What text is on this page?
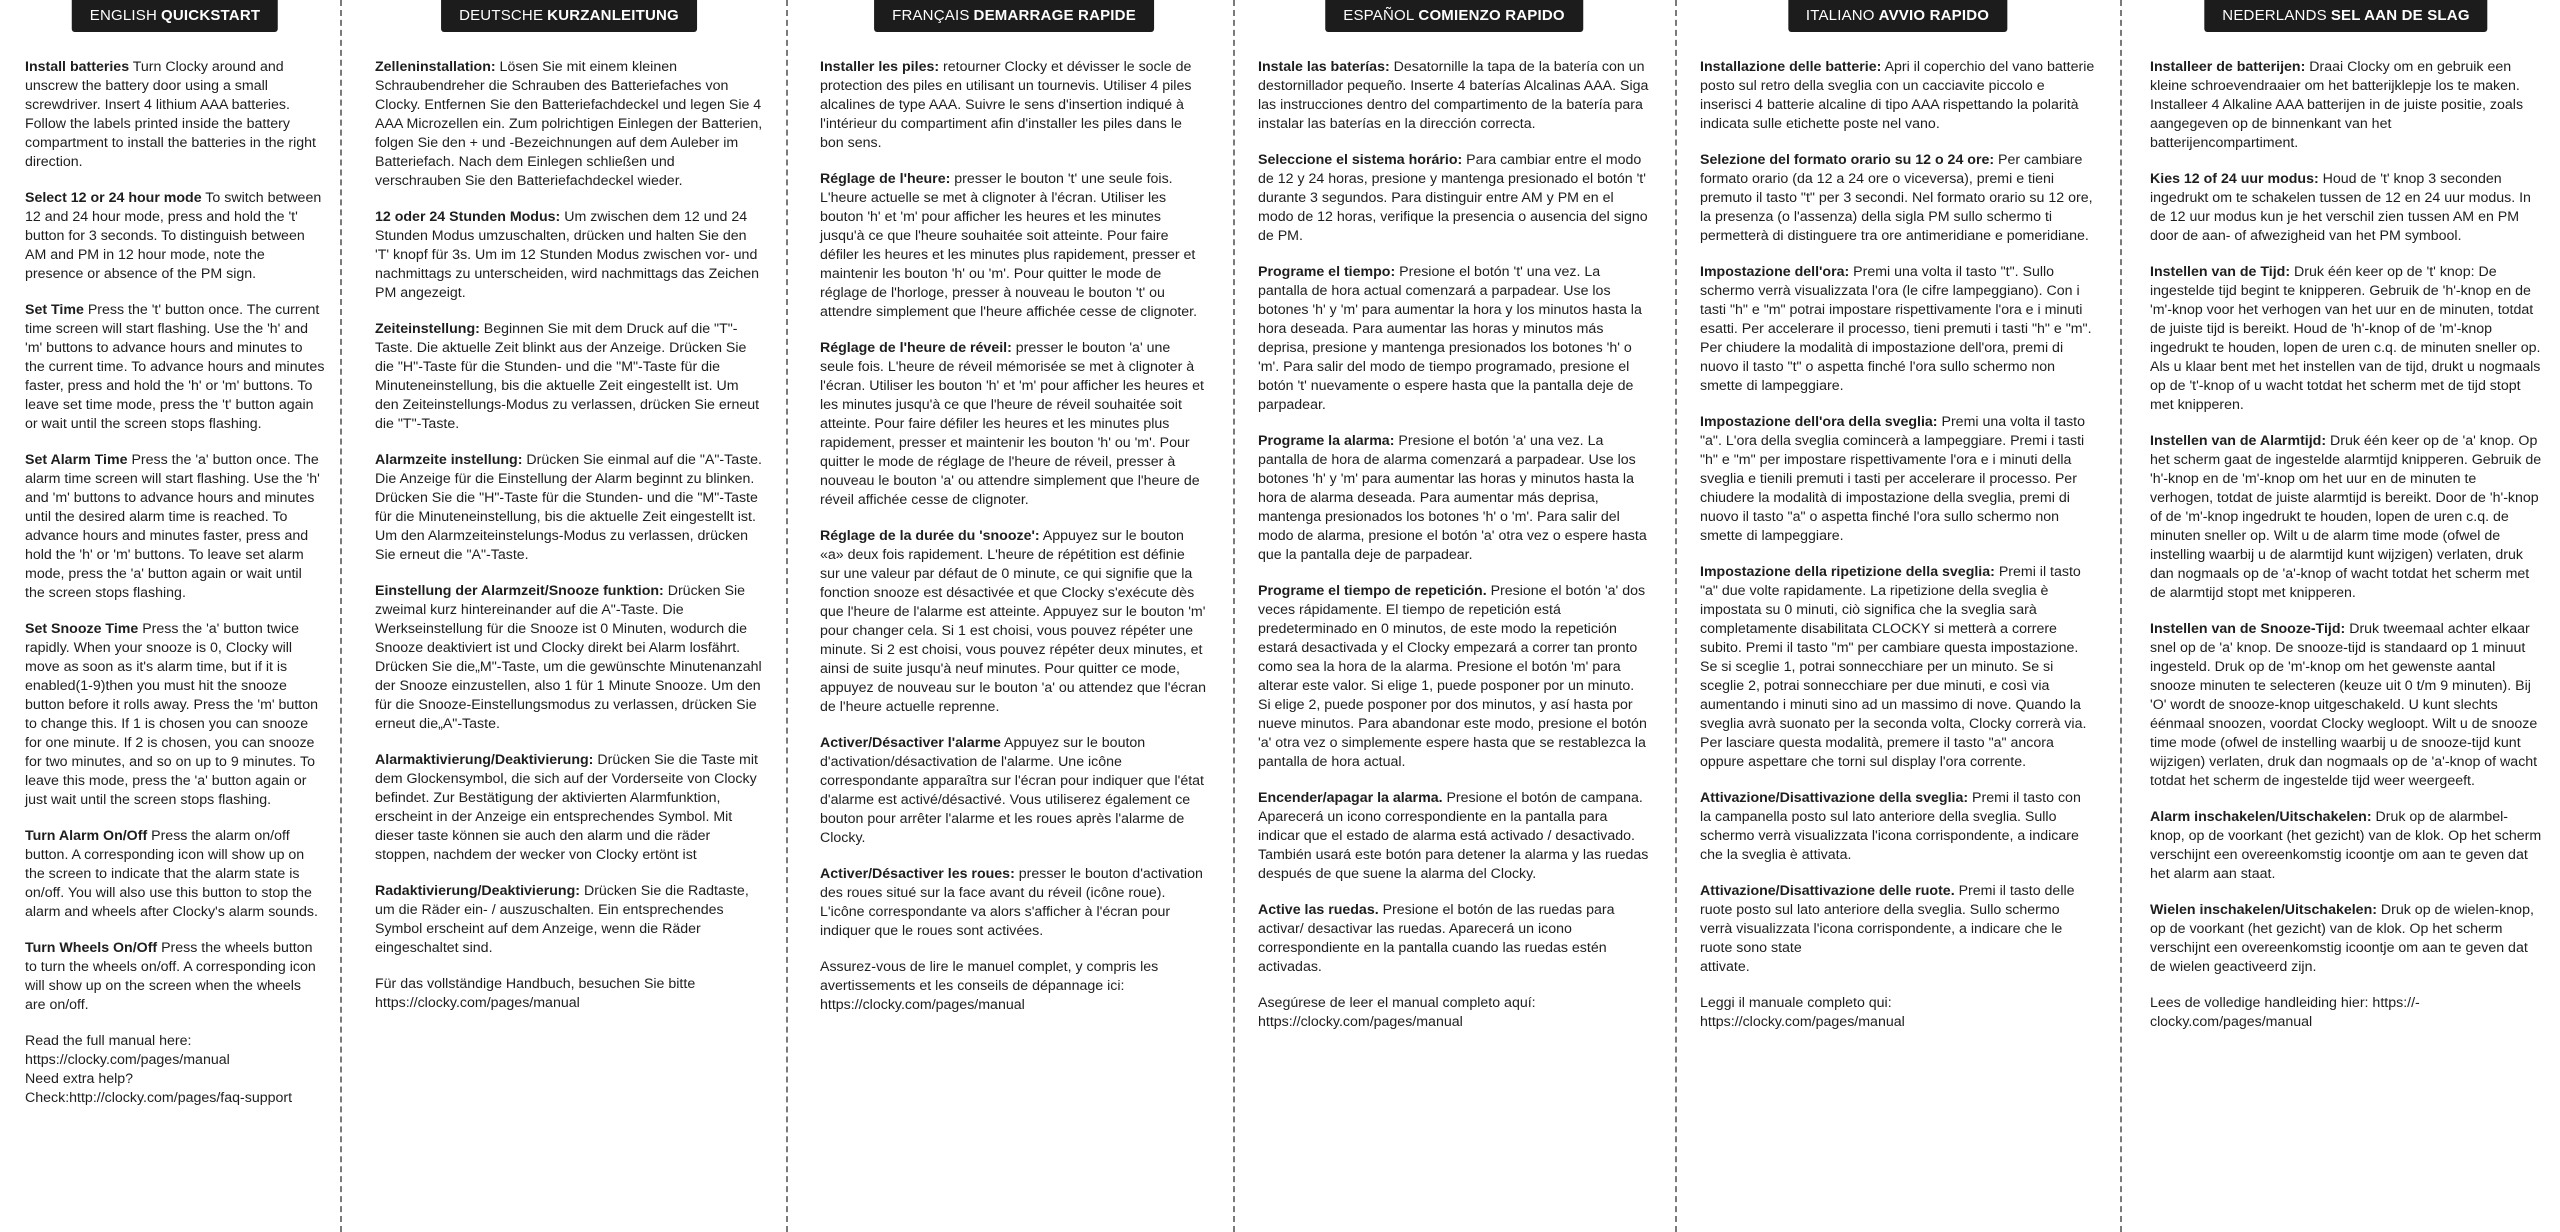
ENGLISH QUICKSTART

Install batteries Turn Clocky around and unscrew the battery door using a small screwdriver. Insert 4 lithium AAA batteries. Follow the labels printed inside the battery compartment to install the batteries in the right direction.

Select 12 or 24 hour mode To switch between 12 and 24 hour mode, press and hold the 't' button for 3 seconds. To distinguish between AM and PM in 12 hour mode, note the presence or absence of the PM sign.

Set Time Press the 't' button once. The current time screen will start flashing. Use the 'h' and 'm' buttons to advance hours and minutes to the current time. To advance hours and minutes faster, press and hold the 'h' or 'm' buttons. To leave set time mode, press the 't' button again or wait until the screen stops flashing.

Set Alarm Time Press the 'a' button once. The alarm time screen will start flashing. Use the 'h' and 'm' buttons to advance hours and minutes until the desired alarm time is reached. To advance hours and minutes faster, press and hold the 'h' or 'm' buttons. To leave set alarm mode, press the 'a' button again or wait until the screen stops flashing.

Set Snooze Time Press the 'a' button twice rapidly. When your snooze is 0, Clocky will move as soon as it's alarm time, but if it is enabled(1-9)then you must hit the snooze button before it rolls away. Press the 'm' button to change this. If 1 is chosen you can snooze for one minute. If 2 is chosen, you can snooze for two minutes, and so on up to 9 minutes. To leave this mode, press the 'a' button again or just wait until the screen stops flashing.

Turn Alarm On/Off Press the alarm on/off button. A corresponding icon will show up on the screen to indicate that the alarm state is on/off. You will also use this button to stop the alarm and wheels after Clocky's alarm sounds.

Turn Wheels On/Off Press the wheels button to turn the wheels on/off. A corresponding icon will show up on the screen when the wheels are on/off.

Read the full manual here:
https://clocky.com/pages/manual
Need extra help?
Check:http://clocky.com/pages/faq-support
DEUTSCHE KURZANLEITUNG

Zelleninstallation: Lösen Sie mit einem kleinen Schraubendreher die Schrauben des Batteriefaches von Clocky. Entfernen Sie den Batteriefachdeckel und legen Sie 4 AAA Microzellen ein. Zum polrichtigen Einlegen der Batterien, folgen Sie den + und -Bezeichnungen auf dem Auleber im Batteriefach. Nach dem Einlegen schließen und verschrauben Sie den Batteriefachdeckel wieder.

12 oder 24 Stunden Modus: Um zwischen dem 12 und 24 Stunden Modus umzuschalten, drücken und halten Sie den 'T' knopf für 3s. Um im 12 Stunden Modus zwischen vor- und nachmittags zu unterscheiden, wird nachmittags das Zeichen PM angezeigt.

Zeiteinstellung: Beginnen Sie mit dem Druck auf die "T"-Taste. Die aktuelle Zeit blinkt aus der Anzeige. Drücken Sie die "H"-Taste für die Stunden- und die "M"-Taste für die Minuteneinstellung, bis die aktuelle Zeit eingestellt ist. Um den Zeiteinstellungs-Modus zu verlassen, drücken Sie erneut die "T"-Taste.

Alarmzeite instellung: Drücken Sie einmal auf die "A"-Taste. Die Anzeige für die Einstellung der Alarm beginnt zu blinken. Drücken Sie die "H"-Taste für die Stunden- und die "M"-Taste für die Minuteneinstellung, bis die aktuelle Zeit eingestellt ist. Um den Alarmzeiteinstelungs-Modus zu verlassen, drücken Sie erneut die "A"-Taste.

Einstellung der Alarmzeit/Snooze funktion: Drücken Sie zweimal kurz hintereinander auf die A"-Taste. Die Werkseinstellung für die Snooze ist 0 Minuten, wodurch die Snooze deaktiviert ist und Clocky direkt bei Alarm losfährt. Drücken Sie die„M"-Taste, um die gewünschte Minutenanzahl der Snooze einzustellen, also 1 für 1 Minute Snooze. Um den für die Snooze-Einstellungsmodus zu verlassen, drücken Sie erneut die„A"-Taste.

Alarmaktivierung/Deaktivierung: Drücken Sie die Taste mit dem Glockensymbol, die sich auf der Vorderseite von Clocky befindet. Zur Bestätigung der aktivierten Alarmfunktion, erscheint in der Anzeige ein entsprechendes Symbol. Mit dieser taste können sie auch den alarm und die räder stoppen, nachdem der wecker von Clocky ertönt ist

Radaktivierung/Deaktivierung: Drücken Sie die Radtaste, um die Räder ein- / auszuschalten. Ein entsprechendes Symbol erscheint auf dem Anzeige, wenn die Räder eingeschaltet sind.

Für das vollständige Handbuch, besuchen Sie bitte
https://clocky.com/pages/manual
FRANÇAIS DEMARRAGE RAPIDE

Installer les piles: retourner Clocky et dévisser le socle de protection des piles en utilisant un tournevis. Utiliser 4 piles alcalines de type AAA. Suivre le sens d'insertion indiqué à l'intérieur du compartiment afin d'installer les piles dans le bon sens.

Réglage de l'heure: presser le bouton 't' une seule fois. L'heure actuelle se met à clignoter à l'écran. Utiliser les bouton 'h' et 'm' pour afficher les heures et les minutes jusqu'à ce que l'heure souhaitée soit atteinte. Pour faire défiler les heures et les minutes plus rapidement, presser et maintenir les bouton 'h' ou 'm'. Pour quitter le mode de réglage de l'horloge, presser à nouveau le bouton 't' ou attendre simplement que l'heure affichée cesse de clignoter.

Réglage de l'heure de réveil: presser le bouton 'a' une seule fois. L'heure de réveil mémorisée se met à clignoter à l'écran. Utiliser les bouton 'h' et 'm' pour afficher les heures et les minutes jusqu'à ce que l'heure de réveil souhaitée soit atteinte. Pour faire défiler les heures et les minutes plus rapidement, presser et maintenir les bouton 'h' ou 'm'. Pour quitter le mode de réglage de l'heure de réveil, presser à nouveau le bouton 'a' ou attendre simplement que l'heure de réveil affichée cesse de clignoter.

Réglage de la durée du 'snooze': Appuyez sur le bouton «a» deux fois rapidement. L'heure de répétition est définie sur une valeur par défaut de 0 minute, ce qui signifie que la fonction snooze est désactivée et que Clocky s'exécute dès que l'heure de l'alarme est atteinte. Appuyez sur le bouton 'm' pour changer cela. Si 1 est choisi, vous pouvez répéter une minute. Si 2 est choisi, vous pouvez répéter deux minutes, et ainsi de suite jusqu'à neuf minutes. Pour quitter ce mode, appuyez de nouveau sur le bouton 'a' ou attendez que l'écran de l'heure actuelle reprenne.

Activer/Désactiver l'alarme Appuyez sur le bouton d'activation/désactivation de l'alarme. Une icône correspondante apparaîtra sur l'écran pour indiquer que l'état d'alarme est activé/désactivé. Vous utiliserez également ce bouton pour arrêter l'alarme et les roues après l'alarme de Clocky.

Activer/Désactiver les roues: presser le bouton d'activation des roues situé sur la face avant du réveil (icône roue). L'icône correspondante va alors s'afficher à l'écran pour indiquer que le roues sont activées.

Assurez-vous de lire le manuel complet, y compris les avertissements et les conseils de dépannage ici:
https://clocky.com/pages/manual
ESPAÑOL COMIENZO RAPIDO

Instale las baterías: Desatornille la tapa de la batería con un destornillador pequeño. Inserte 4 baterías Alcalinas AAA. Siga las instrucciones dentro del compartimento de la batería para instalar las baterías en la dirección correcta.

Seleccione el sistema horário: Para cambiar entre el modo de 12 y 24 horas, presione y mantenga presionado el botón 't' durante 3 segundos. Para distinguir entre AM y PM en el modo de 12 horas, verifique la presencia o ausencia del signo de PM.

Programe el tiempo: Presione el botón 't' una vez. La pantalla de hora actual comenzará a parpadear. Use los botones 'h' y 'm' para aumentar la hora y los minutos hasta la hora deseada. Para aumentar las horas y minutos más deprisa, presione y mantenga presionados los botones 'h' o 'm'. Para salir del modo de tiempo programado, presione el botón 't' nuevamente o espere hasta que la pantalla deje de parpadear.

Programe la alarma: Presione el botón 'a' una vez. La pantalla de hora de alarma comenzará a parpadear. Use los botones 'h' y 'm' para aumentar las horas y minutos hasta la hora de alarma deseada. Para aumentar más deprisa, mantenga presionados los botones 'h' o 'm'. Para salir del modo de alarma, presione el botón 'a' otra vez o espere hasta que la pantalla deje de parpadear.

Programe el tiempo de repetición. Presione el botón 'a' dos veces rápidamente. El tiempo de repetición está predeterminado en 0 minutos, de este modo la repetición estará desactivada y el Clocky empezará a correr tan pronto como sea la hora de la alarma. Presione el botón 'm' para alterar este valor. Si elige 1, puede posponer por un minuto. Si elige 2, puede posponer por dos minutos, y así hasta por nueve minutos. Para abandonar este modo, presione el botón 'a' otra vez o simplemente espere hasta que se restablezca la pantalla de hora actual.

Encender/apagar la alarma. Presione el botón de campana. Aparecerá un icono correspondiente en la pantalla para indicar que el estado de alarma está activado / desactivado. También usará este botón para detener la alarma y las ruedas después de que suene la alarma del Clocky.

Active las ruedas. Presione el botón de las ruedas para activar/ desactivar las ruedas. Aparecerá un icono correspondiente en la pantalla cuando las ruedas estén activadas.

Asegúrese de leer el manual completo aquí:
https://clocky.com/pages/manual
ITALIANO AVVIO RAPIDO

Installazione delle batterie: Apri il coperchio del vano batterie posto sul retro della sveglia con un cacciavite piccolo e inserisci 4 batterie alcaline di tipo AAA rispettando la polarità indicata sulle etichette poste nel vano.

Selezione del formato orario su 12 o 24 ore: Per cambiare formato orario (da 12 a 24 ore o viceversa), premi e tieni premuto il tasto "t" per 3 secondi. Nel formato orario su 12 ore, la presenza (o l'assenza) della sigla PM sullo schermo ti permetterà di distinguere tra ore antimeridiane e pomeridiane.

Impostazione dell'ora: Premi una volta il tasto "t". Sullo schermo verrà visualizzata l'ora (le cifre lampeggiano). Con i tasti "h" e "m" potrai impostare rispettivamente l'ora e i minuti esatti. Per accelerare il processo, tieni premuti i tasti "h" e "m". Per chiudere la modalità di impostazione dell'ora, premi di nuovo il tasto "t" o aspetta finché l'ora sullo schermo non smette di lampeggiare.

Impostazione dell'ora della sveglia: Premi una volta il tasto "a". L'ora della sveglia comincerà a lampeggiare. Premi i tasti "h" e "m" per impostare rispettivamente l'ora e i minuti della sveglia e tienili premuti i tasti per accelerare il processo. Per chiudere la modalità di impostazione della sveglia, premi di nuovo il tasto "a" o aspetta finché l'ora sullo schermo non smette di lampeggiare.

Impostazione della ripetizione della sveglia: Premi il tasto "a" due volte rapidamente. La ripetizione della sveglia è impostata su 0 minuti, ciò significa che la sveglia sarà completamente disabilitata CLOCKY si metterà a correre subito. Premi il tasto "m" per cambiare questa impostazione. Se si sceglie 1, potrai sonnecchiare per un minuto. Se si sceglie 2, potrai sonnecchiare per due minuti, e così via aumentando i minuti sino ad un massimo di nove. Quando la sveglia avrà suonato per la seconda volta, Clocky correrà via. Per lasciare questa modalità, premere il tasto "a" ancora oppure aspettare che torni sul display l'ora corrente.

Attivazione/Disattivazione della sveglia: Premi il tasto con la campanella posto sul lato anteriore della sveglia. Sullo schermo verrà visualizzata l'icona corrispondente, a indicare che la sveglia è attivata.

Attivazione/Disattivazione delle ruote. Premi il tasto delle ruote posto sul lato anteriore della sveglia. Sullo schermo verrà visualizzata l'icona corrispondente, a indicare che le ruote sono state
attivate.

Leggi il manuale completo qui:
https://clocky.com/pages/manual
NEDERLANDS SEL AAN DE SLAG

Installeer de batterijen: Draai Clocky om en gebruik een kleine schroevendraaier om het batterijklepje los te maken. Installeer 4 Alkaline AAA batterijen in de juiste positie, zoals aangegeven op de binnenkant van het batterijencompartiment.

Kies 12 of 24 uur modus: Houd de 't' knop 3 seconden ingedrukt om te schakelen tussen de 12 en 24 uur modus. In de 12 uur modus kun je het verschil zien tussen AM en PM door de aan- of afwezigheid van het PM symbool.

Instellen van de Tijd: Druk één keer op de 't' knop: De ingestelde tijd begint te knipperen. Gebruik de 'h'-knop en de 'm'-knop voor het verhogen van het uur en de minuten, totdat de juiste tijd is bereikt. Houd de 'h'-knop of de 'm'-knop ingedrukt te houden, lopen de uren c.q. de minuten sneller op. Als u klaar bent met het instellen van de tijd, drukt u nogmaals op de 't'-knop of u wacht totdat het scherm met de tijd stopt met knipperen.

Instellen van de Alarmtijd: Druk één keer op de 'a' knop. Op het scherm gaat de ingestelde alarmtijd knipperen. Gebruik de 'h'-knop en de 'm'-knop om het uur en de minuten te verhogen, totdat de juiste alarmtijd is bereikt. Door de 'h'-knop of de 'm'-knop ingedrukt te houden, lopen de uren c.q. de minuten sneller op. Wilt u de alarm time mode (ofwel de instelling waarbij u de alarmtijd kunt wijzigen) verlaten, druk dan nogmaals op de 'a'-knop of wacht totdat het scherm met de alarmtijd stopt met knipperen.

Instellen van de Snooze-Tijd: Druk tweemaal achter elkaar snel op de 'a' knop. De snooze-tijd is standaard op 1 minuut ingesteld. Druk op de 'm'-knop om het gewenste aantal snooze minuten te selecteren (keuze uit 0 t/m 9 minuten). Bij 'O' wordt de snooze-knop uitgeschakeld. U kunt slechts éénmaal snoozen, voordat Clocky wegloopt. Wilt u de snooze time mode (ofwel de instelling waarbij u de snooze-tijd kunt wijzigen) verlaten, druk dan nogmaals op de 'a'-knop of wacht totdat het scherm de ingestelde tijd weer weergeeft.

Alarm inschakelen/Uitschakelen: Druk op de alarmbel-knop, op de voorkant (het gezicht) van de klok. Op het scherm verschijnt een overeenkomstig icoontje om aan te geven dat het alarm aan staat.

Wielen inschakelen/Uitschakelen: Druk op de wielen-knop, op de voorkant (het gezicht) van de klok. Op het scherm verschijnt een overeenkomstig icoontje om aan te geven dat de wielen geactiveerd zijn.

Lees de volledige handleiding hier: https://-
clocky.com/pages/manual
